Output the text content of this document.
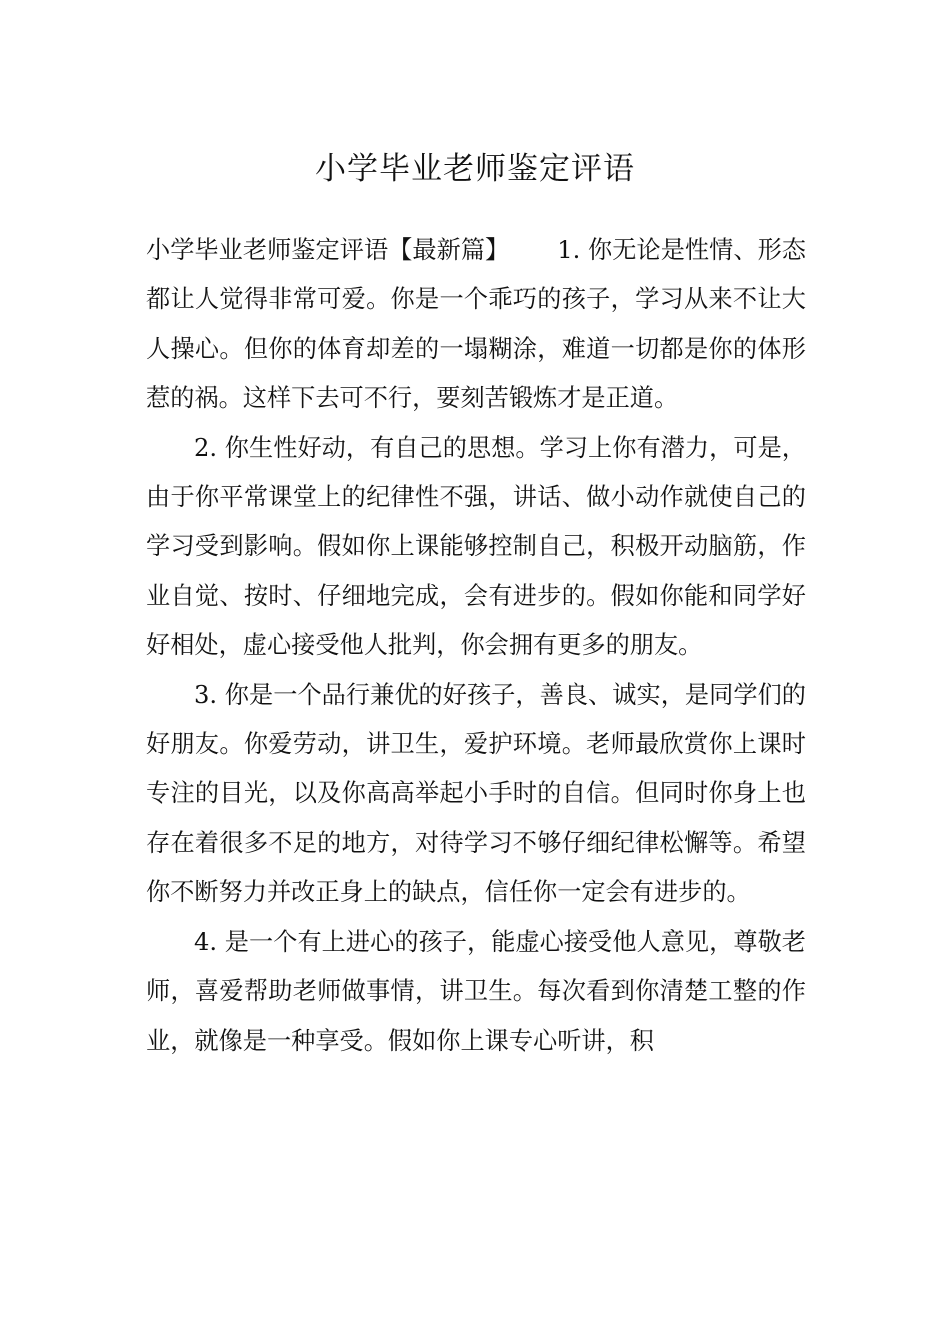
小学毕业老师鉴定评语

小学毕业老师鉴定评语【最新篇】 1. 你无论是性情、形态都让人觉得非常可爱。你是一个乖巧的孩子，学习从来不让大人操心。但你的体育却差的一塌糊涂，难道一切都是你的体形惹的祸。这样下去可不行，要刻苦锻炼才是正道。

2. 你生性好动，有自己的思想。学习上你有潜力，可是，由于你平常课堂上的纪律性不强，讲话、做小动作就使自己的学习受到影响。假如你上课能够控制自己，积极开动脑筋，作业自觉、按时、仔细地完成，会有进步的。假如你能和同学好好相处，虚心接受他人批判，你会拥有更多的朋友。

3. 你是一个品行兼优的好孩子，善良、诚实，是同学们的好朋友。你爱劳动，讲卫生，爱护环境。老师最欣赏你上课时专注的目光，以及你高高举起小手时的自信。但同时你身上也存在着很多不足的地方，对待学习不够仔细纪律松懈等。希望你不断努力并改正身上的缺点，信任你一定会有进步的。

4. 是一个有上进心的孩子，能虚心接受他人意见，尊敬老师，喜爱帮助老师做事情，讲卫生。每次看到你清楚工整的作业，就像是一种享受。假如你上课专心听讲，积
